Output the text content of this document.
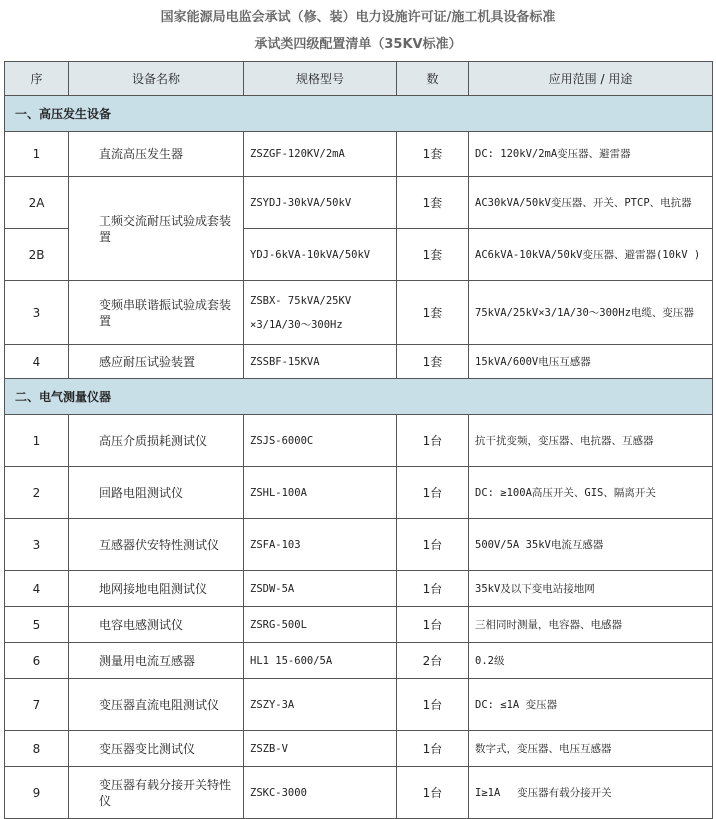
国家能源局电监会承试（修、装）电力设施许可证/施工机具设备标准
承试类四级配置清单（35KV标准）
序	设备名称	规格型号	数	应用范围 / 用途
一、高压发生设备				
1	直流高压发生器	ZSZGF-120KV/2mA	1套	DC: 120kV/2mA变压器、避雷器
2A	工频交流耐压试验成套装置	ZSYDJ-30kVA/50kV	1套	AC30kVA/50kV变压器、开关、PTCP、电抗器
2B		YDJ-6kVA-10kVA/50kV	1套	AC6kVA-10kVA/50kV变压器、避雷器(10kV )
3	变频串联谐振试验成套装置	ZSBX- 75kVA/25KV ×3/1A/30～300Hz	1套	75kVA/25kV×3/1A/30～300Hz电缆、变压器
4	感应耐压试验装置	ZSSBF-15KVA	1套	15kVA/600V电压互感器
二、电气测量仪器				
1	高压介质损耗测试仪	ZSJS-6000C	1台	抗干扰变频，变压器、电抗器、互感器
2	回路电阻测试仪	ZSHL-100A	1台	DC: ≥100A高压开关、GIS、隔离开关
3	互感器伏安特性测试仪	ZSFA-103	1台	500V/5A 35kV电流互感器
4	地网接地电阻测试仪	ZSDW-5A	1台	35kV及以下变电站接地网
5	电容电感测试仪	ZSRG-500L	1台	三相同时测量，电容器、电感器
6	测量用电流互感器	HL1 15-600/5A	2台	0.2级
7	变压器直流电阻测试仪	ZSZY-3A	1台	DC: ≤1A 变压器
8	变压器变比测试仪	ZSZB-V	1台	数字式，变压器、电压互感器
9	变压器有载分接开关特性仪	ZSKC-3000	1台	I≥1A　 变压器有载分接开关
